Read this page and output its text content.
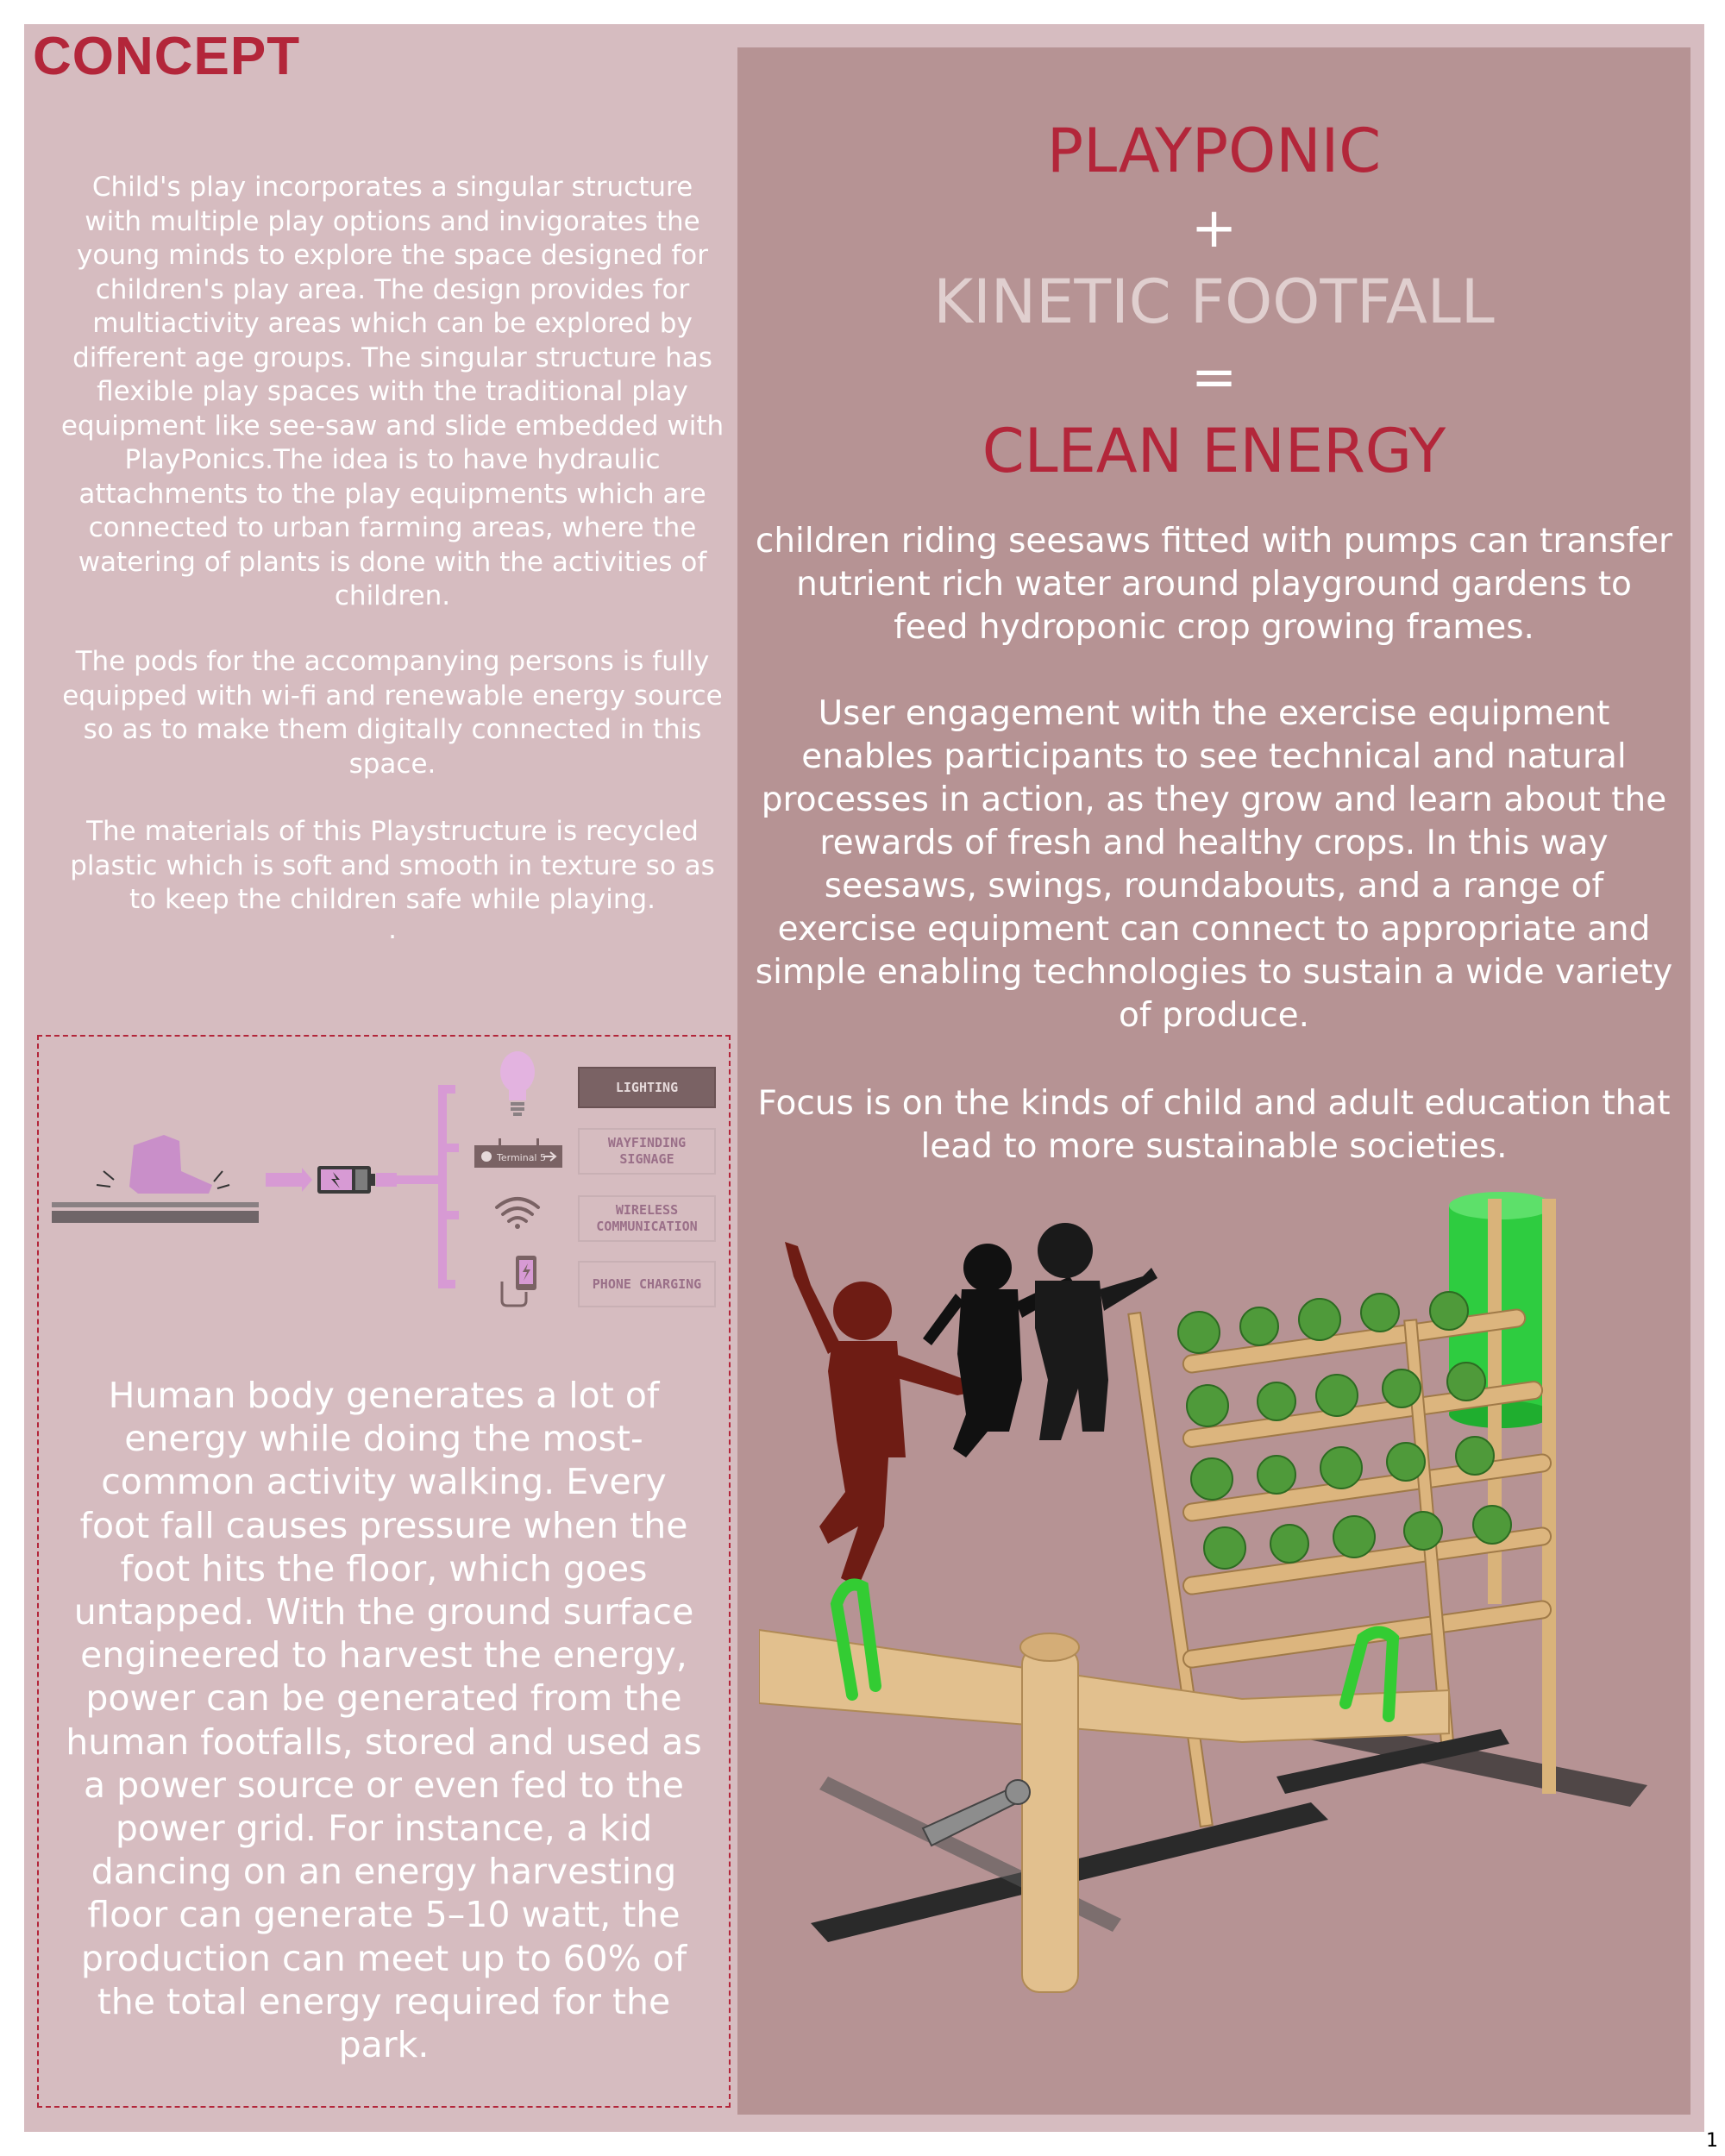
CONCEPT

Child's play incorporates a singular structure with multiple play options and invigorates the young minds to explore the space designed for children's play area. The design provides for multiactivity areas which can be explored by different age groups. The singular structure has flexible play spaces with the traditional play equipment like see-saw and slide embedded with PlayPonics.The idea is to have hydraulic attachments to the play equipments which are connected to urban farming areas, where the watering of plants is done with the activities of children.

The pods for the accompanying persons is fully equipped with wi-fi and renewable energy source so as to make them digitally connected in this space.

The materials of this Playstructure is recycled plastic which is soft and smooth in texture so as to keep the children safe while playing.

.

Terminal 5
LIGHTING
WAYFINDING SIGNAGE
WIRELESS COMMUNICATION
PHONE CHARGING

Human body generates a lot of energy while doing the most-common activity walking. Every foot fall causes pressure when the foot hits the floor, which goes untapped. With the ground surface engineered to harvest the energy, power can be generated from the human footfalls, stored and used as a power source or even fed to the power grid. For instance, a kid dancing on an energy harvesting floor can generate 5–10 watt, the production can meet up to 60% of the total energy required for the park.

PLAYPONIC

+

KINETIC FOOTFALL

=

CLEAN ENERGY

children riding seesaws fitted with pumps can transfer nutrient rich water around playground gardens to feed hydroponic crop growing frames.

User engagement with the exercise equipment enables participants to see technical and natural processes in action, as they grow and learn about the rewards of fresh and healthy crops. In this way seesaws, swings, roundabouts, and a range of exercise equipment can connect to appropriate and simple enabling technologies to sustain a wide variety of produce.

Focus is on the kinds of child and adult education that lead to more sustainable societies.

1
